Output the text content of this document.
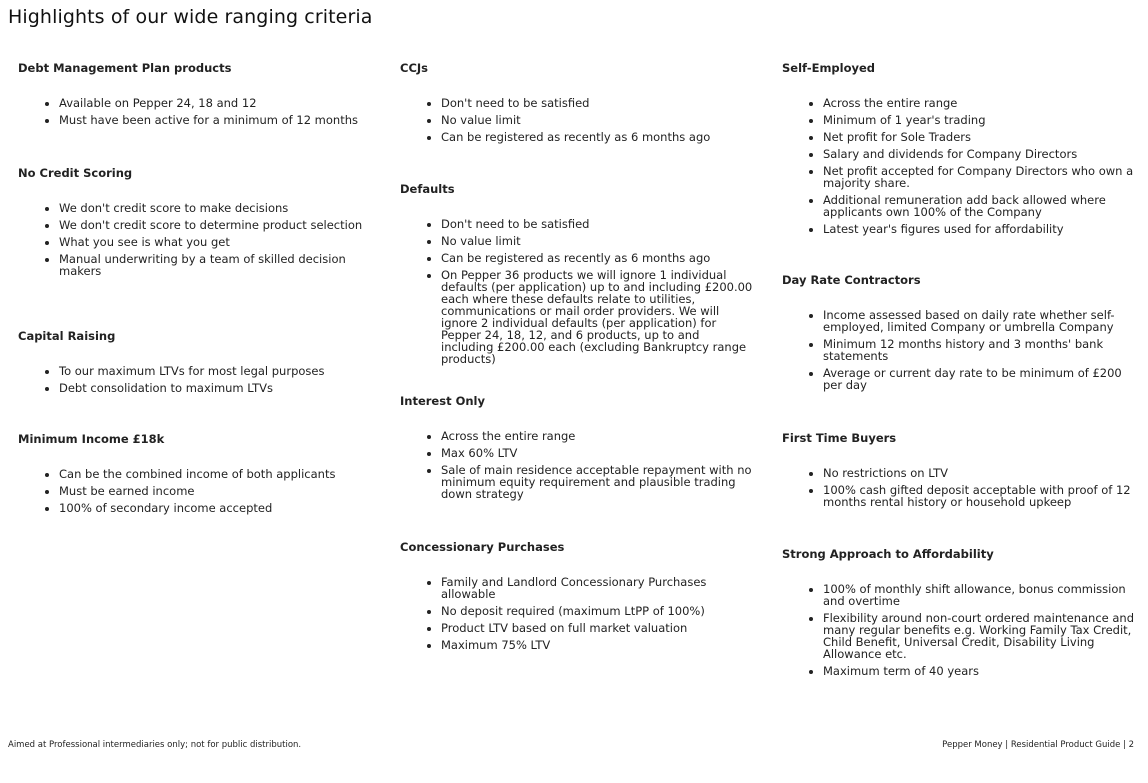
Highlights of our wide ranging criteria
Debt Management Plan products
• Available on Pepper 24, 18 and 12
• Must have been active for a minimum of 12 months
No Credit Scoring
• We don't credit score to make decisions
• We don't credit score to determine product selection
• What you see is what you get
• Manual underwriting by a team of skilled decision makers
Capital Raising
• To our maximum LTVs for most legal purposes
• Debt consolidation to maximum LTVs
Minimum Income £18k
• Can be the combined income of both applicants
• Must be earned income
• 100% of secondary income accepted
CCJs
• Don't need to be satisfied
• No value limit
• Can be registered as recently as 6 months ago
Defaults
• Don't need to be satisfied
• No value limit
• Can be registered as recently as 6 months ago
• On Pepper 36 products we will ignore 1 individual defaults (per application) up to and including £200.00 each where these defaults relate to utilities, communications or mail order providers. We will ignore 2 individual defaults (per application) for Pepper 24, 18, 12, and 6 products, up to and including £200.00 each (excluding Bankruptcy range products)
Interest Only
• Across the entire range
• Max 60% LTV
• Sale of main residence acceptable repayment with no minimum equity requirement and plausible trading down strategy
Concessionary Purchases
• Family and Landlord Concessionary Purchases allowable
• No deposit required (maximum LtPP of 100%)
• Product LTV based on full market valuation
• Maximum 75% LTV
Self-Employed
• Across the entire range
• Minimum of 1 year's trading
• Net profit for Sole Traders
• Salary and dividends for Company Directors
• Net profit accepted for Company Directors who own a majority share.
• Additional remuneration add back allowed where applicants own 100% of the Company
• Latest year's figures used for affordability
Day Rate Contractors
• Income assessed based on daily rate whether self-employed, limited Company or umbrella Company
• Minimum 12 months history and 3 months' bank statements
• Average or current day rate to be minimum of £200 per day
First Time Buyers
• No restrictions on LTV
• 100% cash gifted deposit acceptable with proof of 12 months rental history or household upkeep
Strong Approach to Affordability
• 100% of monthly shift allowance, bonus commission and overtime
• Flexibility around non-court ordered maintenance and many regular benefits e.g. Working Family Tax Credit, Child Benefit, Universal Credit, Disability Living Allowance etc.
• Maximum term of 40 years
Aimed at Professional intermediaries only; not for public distribution.	Pepper Money | Residential Product Guide | 2
